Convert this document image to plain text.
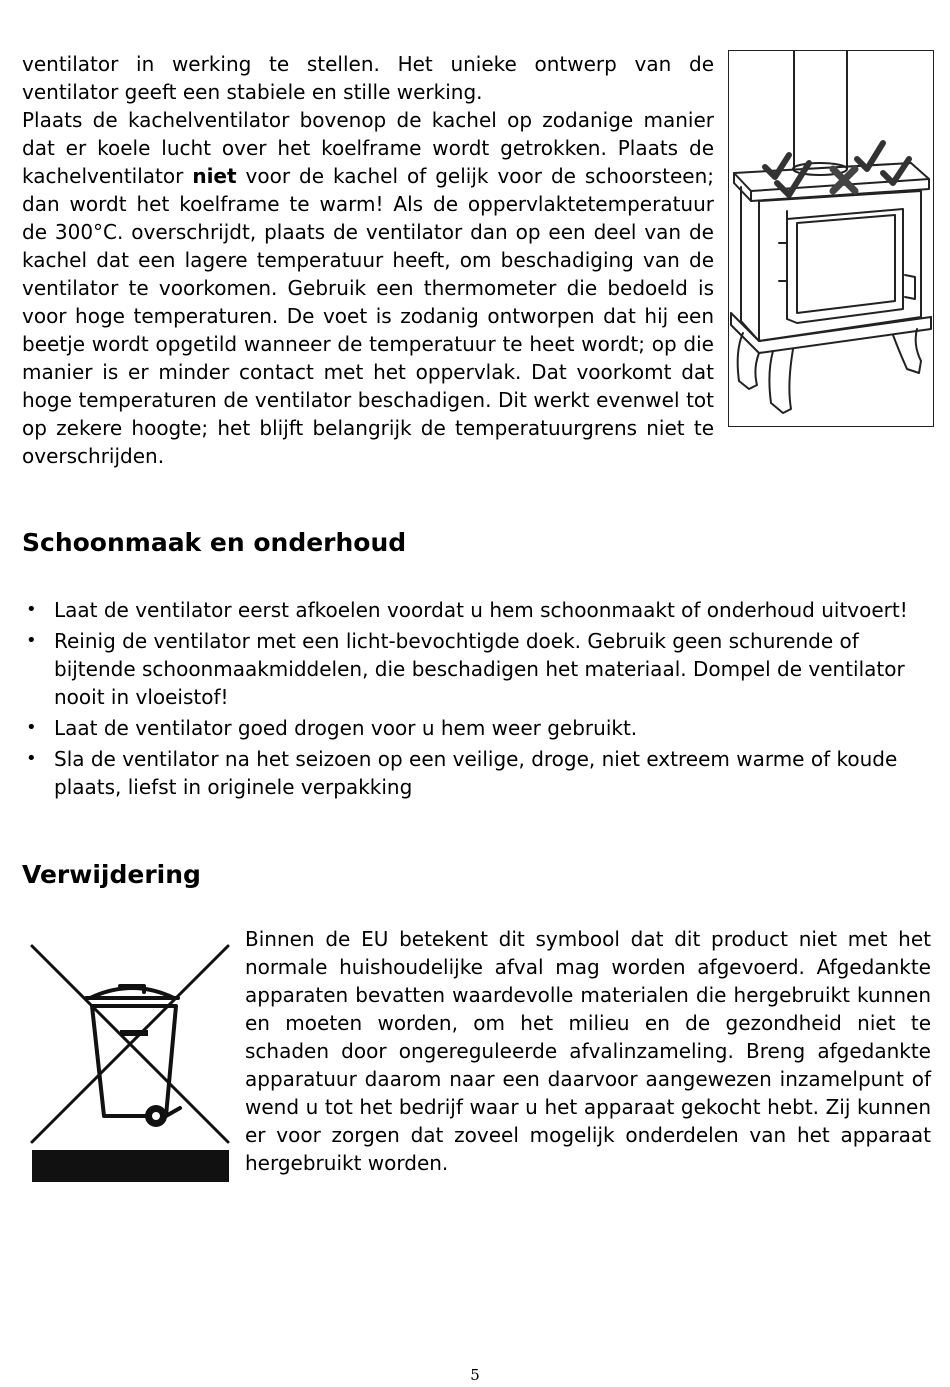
ventilator in werking te stellen. Het unieke ontwerp van de ventilator geeft een stabiele en stille werking.

Plaats de kachelventilator bovenop de kachel op zodanige manier dat er koele lucht over het koelframe wordt getrokken. Plaats de kachelventilator niet voor de kachel of gelijk voor de schoorsteen; dan wordt het koelframe te warm! Als de oppervlaktetemperatuur de 300°C. overschrijdt, plaats de ventilator dan op een deel van de kachel dat een lagere temperatuur heeft, om beschadiging van de ventilator te voorkomen. Gebruik een thermometer die bedoeld is voor hoge temperaturen. De voet is zodanig ontworpen dat hij een beetje wordt opgetild wanneer de temperatuur te heet wordt; op die manier is er minder contact met het oppervlak. Dat voorkomt dat hoge temperaturen de ventilator beschadigen. Dit werkt evenwel tot op zekere hoogte; het blijft belangrijk de temperatuurgrens niet te overschrijden.

Schoonmaak en onderhoud
• Laat de ventilator eerst afkoelen voordat u hem schoonmaakt of onderhoud uitvoert!
• Reinig de ventilator met een licht-bevochtigde doek. Gebruik geen schurende of bijtende schoonmaakmiddelen, die beschadigen het materiaal. Dompel de ventilator nooit in vloeistof!
• Laat de ventilator goed drogen voor u hem weer gebruikt.
• Sla de ventilator na het seizoen op een veilige, droge, niet extreem warme of koude plaats, liefst in originele verpakking
Verwijdering

Binnen de EU betekent dit symbool dat dit product niet met het normale huishoudelijke afval mag worden afgevoerd. Afgedankte apparaten bevatten waardevolle materialen die hergebruikt kunnen en moeten worden, om het milieu en de gezondheid niet te schaden door ongereguleerde afvalinzameling. Breng afgedankte apparatuur daarom naar een daarvoor aangewezen inzamelpunt of wend u tot het bedrijf waar u het apparaat gekocht hebt. Zij kunnen er voor zorgen dat zoveel mogelijk onderdelen van het apparaat hergebruikt worden.

5
